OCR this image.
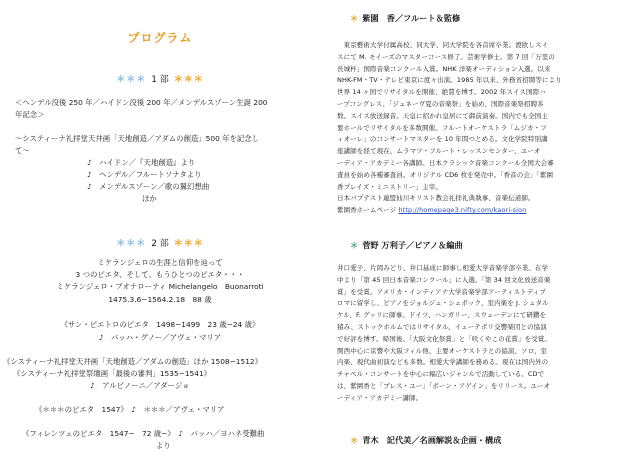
プログラム
＊＊＊ 1 部 ＊＊＊
＜ヘンデル没後 250 年／ハイドン没後 200 年／メンデルスゾーン生誕 200
年記念＞
〜システィーナ礼拝堂天井画「天地創造／アダムの創造」500 年を記念し
て〜
♪　ハイドン／『天地創造』より
♪　ヘンデル／フルートソナタより
♪　メンデルスゾーン／歌の翼幻想曲
ほか
＊＊＊ 2 部 ＊＊＊
ミケランジェロの生涯と信仰を辿って
3 つのピエタ、そして、もうひとつのピエタ・・・
ミケランジェロ・ブオナローティ Michelangelo　Buonarroti
1475.3.6−1564.2.18　88 歳
《サン・ピエトロのピエタ　1498−1499　23 歳−24 歳》
♪　バッハ・グノー／アヴェ・マリア
《システィーナ礼拝堂天井画「天地創造／アダムの創造」ほか 1508−1512》
《システィーナ礼拝堂祭壇画「最後の審判」1535−1541》
♪　アルビノーニ／アダージョ
《＊＊＊のピエタ　1547》　♪　＊＊＊／アヴェ・マリア
《フィレンツェのピエタ　1547−　72 歳−》　♪　バッハ／ヨハネ受難曲
より
＊ 紫園　香／フルート＆監修
　東京藝術大学付属高校、同大学、同大学院を各首席卒業。渡欧しスイ
スにて M. モイーズのマスターコース修了。芸術学修士。第 7 回「万里の
長城杯」国際音楽コンクール入賞。NHK 洋楽オーディション入選。以来
NHK-FM・TV・テレビ東京に度々出演。1985 年以来、外務省招聘等により
世界 14 ヶ国でリサイタルを開催、絶賛を博す。2002 年スイス国際ハ
ープコングレス、「ジュネーヴ夏の音楽祭」を始め、国際音楽祭招聘多
数。スイス放送録音。天皇に招かれ皇居にて御前演奏。国内でも全国主
要ホールでリサイタルを多数開催。フルートオーケストラ「ムジカ・フ
ィオーレ」のコンサートマスターを 10 年間つとめる。文化学院特別講
座講師を経て現在、ムラマツ・フルート・レッスンセンター、ユーオ
ーディア・アカデミー各講師。日本クラシック音楽コンクール全国大会審
査員を始め各種審査員。オリジナル CD6 枚を発売中。「香音の会」「紫園
香プレイズ・ミニストリー」主宰。
日本バプテスト連盟仙川キリスト教会礼拝礼典執事、音楽伝道師。
紫園香ホームページ http://homepage3.nifty.com/kaori-sion
＊ 菅野 万利子／ピアノ＆編曲
井口愛子、片岡みどり、井口基成に師事し相愛大学音楽学部卒業。在学
中より「第 45 回日本音楽コンクール」に入選。「第 34 回文化放送音楽
賞」を受賞。アメリカ・インディアナ大学音楽学部アーティストディプ
ロマに留学し、ピアノをジョルジュ・シェボック、室内楽を J. シュタル
ケル、F. グッリに師事。ドイツ、ハンガリー、スウェーデンにて研鑽を
積み、ストックホルムではリサイタル、イェーテボリ交響楽団との協演
で好評を博す。帰国後、「大阪文化祭賞」と「咲くやこの花賞」を受賞。
関西中心に京響や大阪フィル他、主要オーケストラとの協演、ソロ、室
内楽、現代曲初演なども多数。相愛大学講師を務める。現在は国内外の
チャペル・コンサートを中心に幅広いジャンルで活動している。CDで
は、紫園香と「プレス・ユー」「ボーン・アゲイン」をリリース。ユーオ
ーディア・アカデミー講師。
＊ 青木　記代美／名画解説＆企画・構成
